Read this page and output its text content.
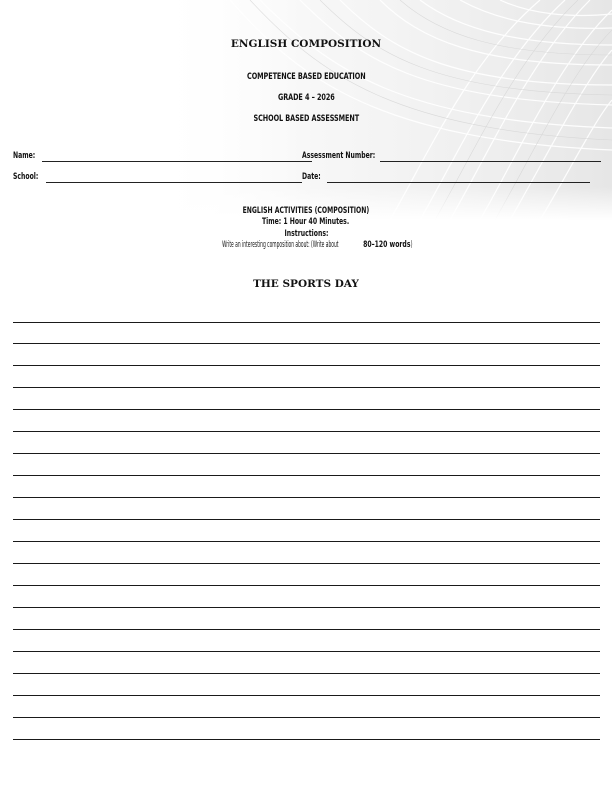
ENGLISH COMPOSITION
COMPETENCE BASED EDUCATION
GRADE 4 – 2026
SCHOOL BASED ASSESSMENT
Name:	Assessment Number:
School:	Date:
ENGLISH ACTIVITIES (COMPOSITION)
Time: 1 Hour 40 Minutes.
Instructions:
Write an interesting composition about: (Write about	80–120 words)
THE SPORTS DAY
